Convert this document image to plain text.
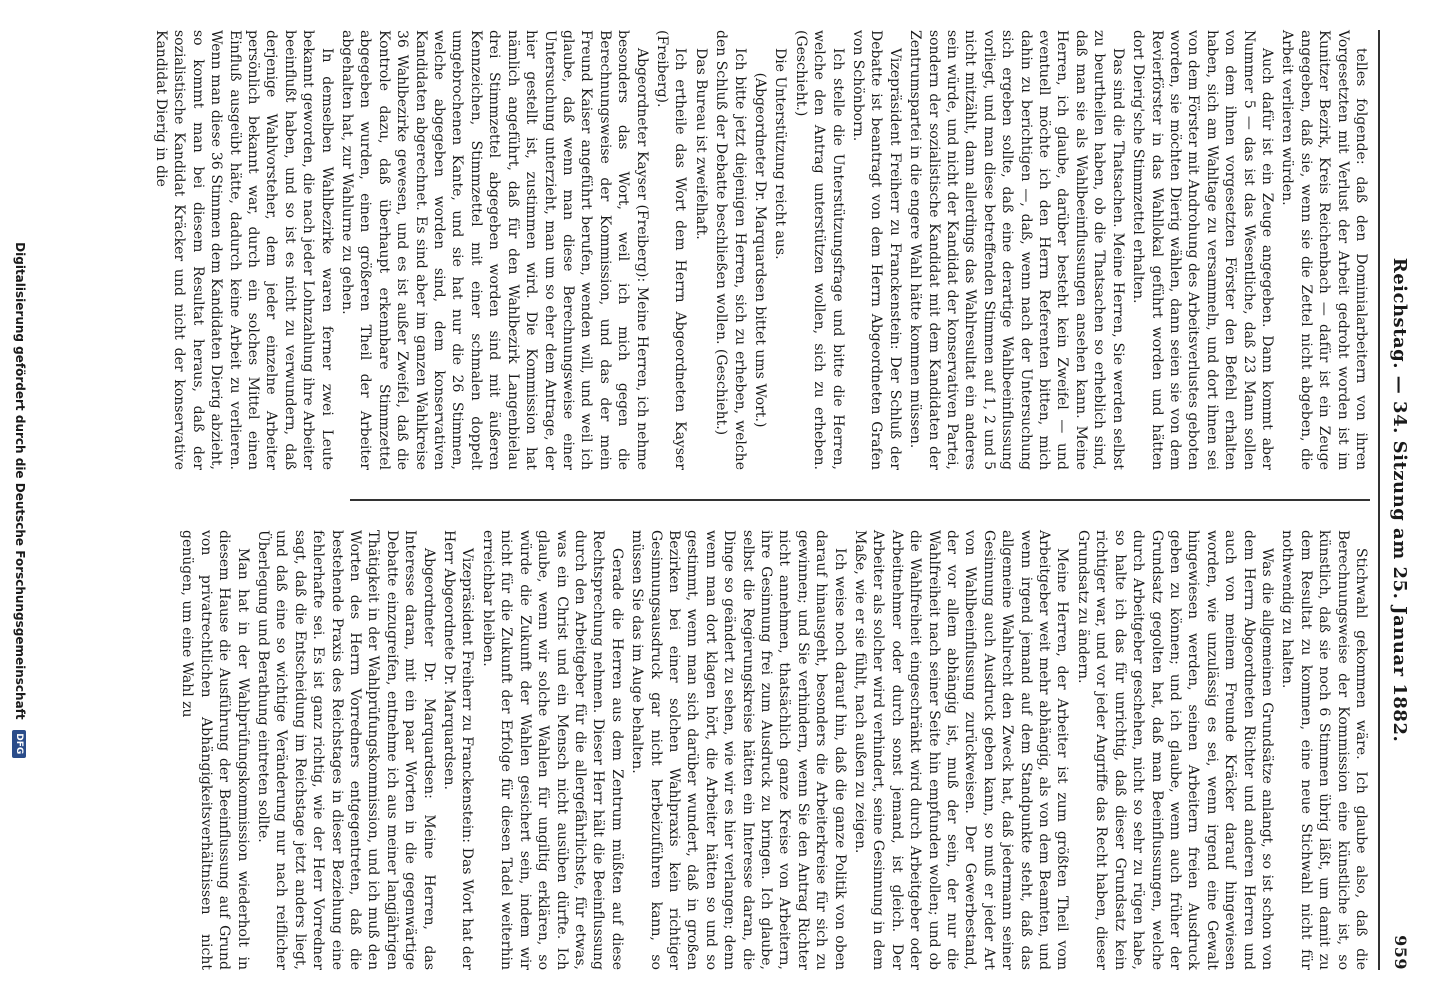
Reichstag. — 34. Sitzung am 25. Januar 1882.
959

telles folgende: daß den Dominialarbeitern von ihren Vorgesetzten mit Verlust der Arbeit gedroht worden ist im Kunitzer Bezirk, Kreis Reichenbach — dafür ist ein Zeuge angegeben, daß sie, wenn sie die Zettel nicht abgeben, die Arbeit verlieren würden.

Auch dafür ist ein Zeuge angegeben. Dann kommt aber Nummer 5 — das ist das Wesentliche, daß 23 Mann sollen von dem ihnen vorgesetzten Förster den Befehl erhalten haben, sich am Wahltage zu versammeln, und dort ihnen sei von dem Förster mit Androhung des Arbeitsverlustes geboten worden, sie möchten Dierig wählen, dann seien sie von dem Revierförster in das Wahllokal geführt worden und hätten dort Dierig'sche Stimmzettel erhalten.

Das sind die Thatsachen. Meine Herren, Sie werden selbst zu beurtheilen haben, ob die Thatsachen so erheblich sind, daß man sie als Wahlbeeinflussungen ansehen kann. Meine Herren, ich glaube, darüber besteht kein Zweifel — und eventuell möchte ich den Herrn Referenten bitten, mich dahin zu berichtigen —, daß, wenn nach der Untersuchung sich ergeben sollte, daß eine derartige Wahlbeeinflussung vorliegt, und man diese betreffenden Stimmen auf 1, 2 und 5 nicht mitzählt, dann allerdings das Wahlresultat ein anderes sein würde, und nicht der Kandidat der konservativen Partei, sondern der sozialistische Kandidat mit dem Kandidaten der Zentrumspartei in die engere Wahl hätte kommen müssen.

Vizepräsident Freiherr zu Franckenstein: Der Schluß der Debatte ist beantragt von dem Herrn Abgeordneten Grafen von Schönborn.

Ich stelle die Unterstützungsfrage und bitte die Herren, welche den Antrag unterstützen wollen, sich zu erheben. (Geschieht.)

Die Unterstützung reicht aus.

(Abgeordneter Dr. Marquardsen bittet ums Wort.)

Ich bitte jetzt diejenigen Herren, sich zu erheben, welche den Schluß der Debatte beschließen wollen. (Geschieht.)

Das Bureau ist zweifelhaft.

Ich ertheile das Wort dem Herrn Abgeordneten Kayser (Freiberg).

Abgeordneter Kayser (Freiberg): Meine Herren, ich nehme besonders das Wort, weil ich mich gegen die Berechnungsweise der Kommission, und das der mein Freund Kaiser angeführt berufen, wenden will, und weil ich glaube, daß wenn man diese Berechnungsweise einer Untersuchung unterzieht, man um so eher dem Antrage, der hier gestellt ist, zustimmen wird. Die Kommission hat nämlich angeführt, daß für den Wahlbezirk Langenbielau drei Stimmzettel abgegeben worden sind mit äußeren Kennzeichen, Stimmzettel mit einer schmalen doppelt umgebrochenen Kante, und sie hat nur die 26 Stimmen, welche abgegeben worden sind, dem konservativen Kandidaten abgerechnet. Es sind aber im ganzen Wahlkreise 36 Wahlbezirke gewesen, und es ist außer Zweifel, daß die Kontrole dazu, daß überhaupt erkennbare Stimmzettel abgegeben wurden, einen größeren Theil der Arbeiter abgehalten hat, zur Wahlurne zu gehen.

In demselben Wahlbezirke waren ferner zwei Leute bekannt geworden, die nach jeder Lohnzahlung ihre Arbeiter beeinflußt haben, und so ist es nicht zu verwundern, daß derjenige Wahlvorsteher, dem jeder einzelne Arbeiter persönlich bekannt war, durch ein solches Mittel einen Einfluß ausgeübt hätte, dadurch keine Arbeit zu verlieren. Wenn man diese 36 Stimmen dem Kandidaten Dierig abzieht, so kommt man bei diesem Resultat heraus, daß der sozialistische Kandidat Kräcker und nicht der konservative Kandidat Dierig in die

Stichwahl gekommen wäre. Ich glaube also, daß die Berechnungsweise der Kommission eine künstliche ist, so künstlich, daß sie noch 6 Stimmen übrig läßt, um damit zu dem Resultat zu kommen, eine neue Stichwahl nicht für nothwendig zu halten.

Was die allgemeinen Grundsätze anlangt, so ist schon von dem Herrn Abgeordneten Richter und anderen Herren und auch von meinem Freunde Kräcker darauf hingewiesen worden, wie unzulässig es sei, wenn irgend eine Gewalt hingewiesen werden, seinen Arbeitern freien Ausdruck geben zu können; und ich glaube, wenn auch früher der Grundsatz gegolten hat, daß man Beeinflussungen, welche durch Arbeitgeber geschehen, nicht so sehr zu rügen habe, so halte ich das für unrichtig, daß dieser Grundsatz kein richtiger war, und vor jeder Angriffe das Recht haben, dieser Grundsatz zu ändern.

Meine Herren, der Arbeiter ist zum größten Theil vom Arbeitgeber weit mehr abhängig, als von dem Beamten, und wenn irgend jemand auf dem Standpunkte steht, daß das allgemeine Wahlrecht den Zweck hat, daß jedermann seiner Gesinnung auch Ausdruck geben kann, so muß er jeder Art von Wahlbeeinflussung zurückweisen. Der Gewerbestand, der vor allem abhängig ist, muß der sein, der nur die Wahlfreiheit nach seiner Seite hin empfunden wollen; und ob die Wahlfreiheit eingeschränkt wird durch Arbeitgeber oder Arbeitnehmer oder durch sonst jemand, ist gleich. Der Arbeiter als solcher wird verhindert, seine Gesinnung in dem Maße, wie er sie fühlt, nach außen zu zeigen.

Ich weise noch darauf hin, daß die ganze Politik von oben darauf hinausgeht, besonders die Arbeiterkreise für sich zu gewinnen; und Sie verhindern, wenn Sie den Antrag Richter nicht annehmen, thatsächlich ganze Kreise von Arbeitern, ihre Gesinnung frei zum Ausdruck zu bringen. Ich glaube, selbst die Regierungskreise hätten ein Interesse daran, die Dinge so geändert zu sehen, wie wir es hier verlangen; denn wenn man dort klagen hört, die Arbeiter hätten so und so gestimmt, wenn man sich darüber wundert, daß in großen Bezirken bei einer solchen Wahlpraxis kein richtiger Gesinnungsausdruck gar nicht herbeizuführen kann, so müssen Sie das im Auge behalten.

Gerade die Herren aus dem Zentrum müßten auf diese Rechtsprechung nehmen. Dieser Herr hält die Beeinflussung durch den Arbeitgeber für die allergefährlichste, für etwas, was ein Christ und ein Mensch nicht ausüben dürfte. Ich glaube, wenn wir solche Wahlen für ungiltig erklären, so würde die Zukunft der Wahlen gesichert sein, indem wir nicht für die Zukunft der Erfolge für diesen Tadel weiterhin erreichbar bleiben.

Vizepräsident Freiherr zu Franckenstein: Das Wort hat der Herr Abgeordnete Dr. Marquardsen.

Abgeordneter Dr. Marquardsen: Meine Herren, das Interesse daran, mit ein paar Worten in die gegenwärtige Debatte einzugreifen, entnehme ich aus meiner langjährigen Thätigkeit in der Wahlprüfungskommission, und ich muß den Worten des Herrn Vorredners entgegentreten, daß die bestehende Praxis des Reichstages in dieser Beziehung eine fehlerhafte sei. Es ist ganz richtig, wie der Herr Vorredner sagt, daß die Entscheidung im Reichstage jetzt anders liegt, und daß eine so wichtige Veränderung nur nach reiflicher Überlegung und Berathung eintreten sollte.

Man hat in der Wahlprüfungskommission wiederholt in diesem Hause die Ausführung der Beeinflussung auf Grund von privatrechtlichen Abhängigkeitsverhältnissen nicht genügen, um eine Wahl zu

Digitalisierung gefördert durch die Deutsche Forschungsgemeinschaft DFG
